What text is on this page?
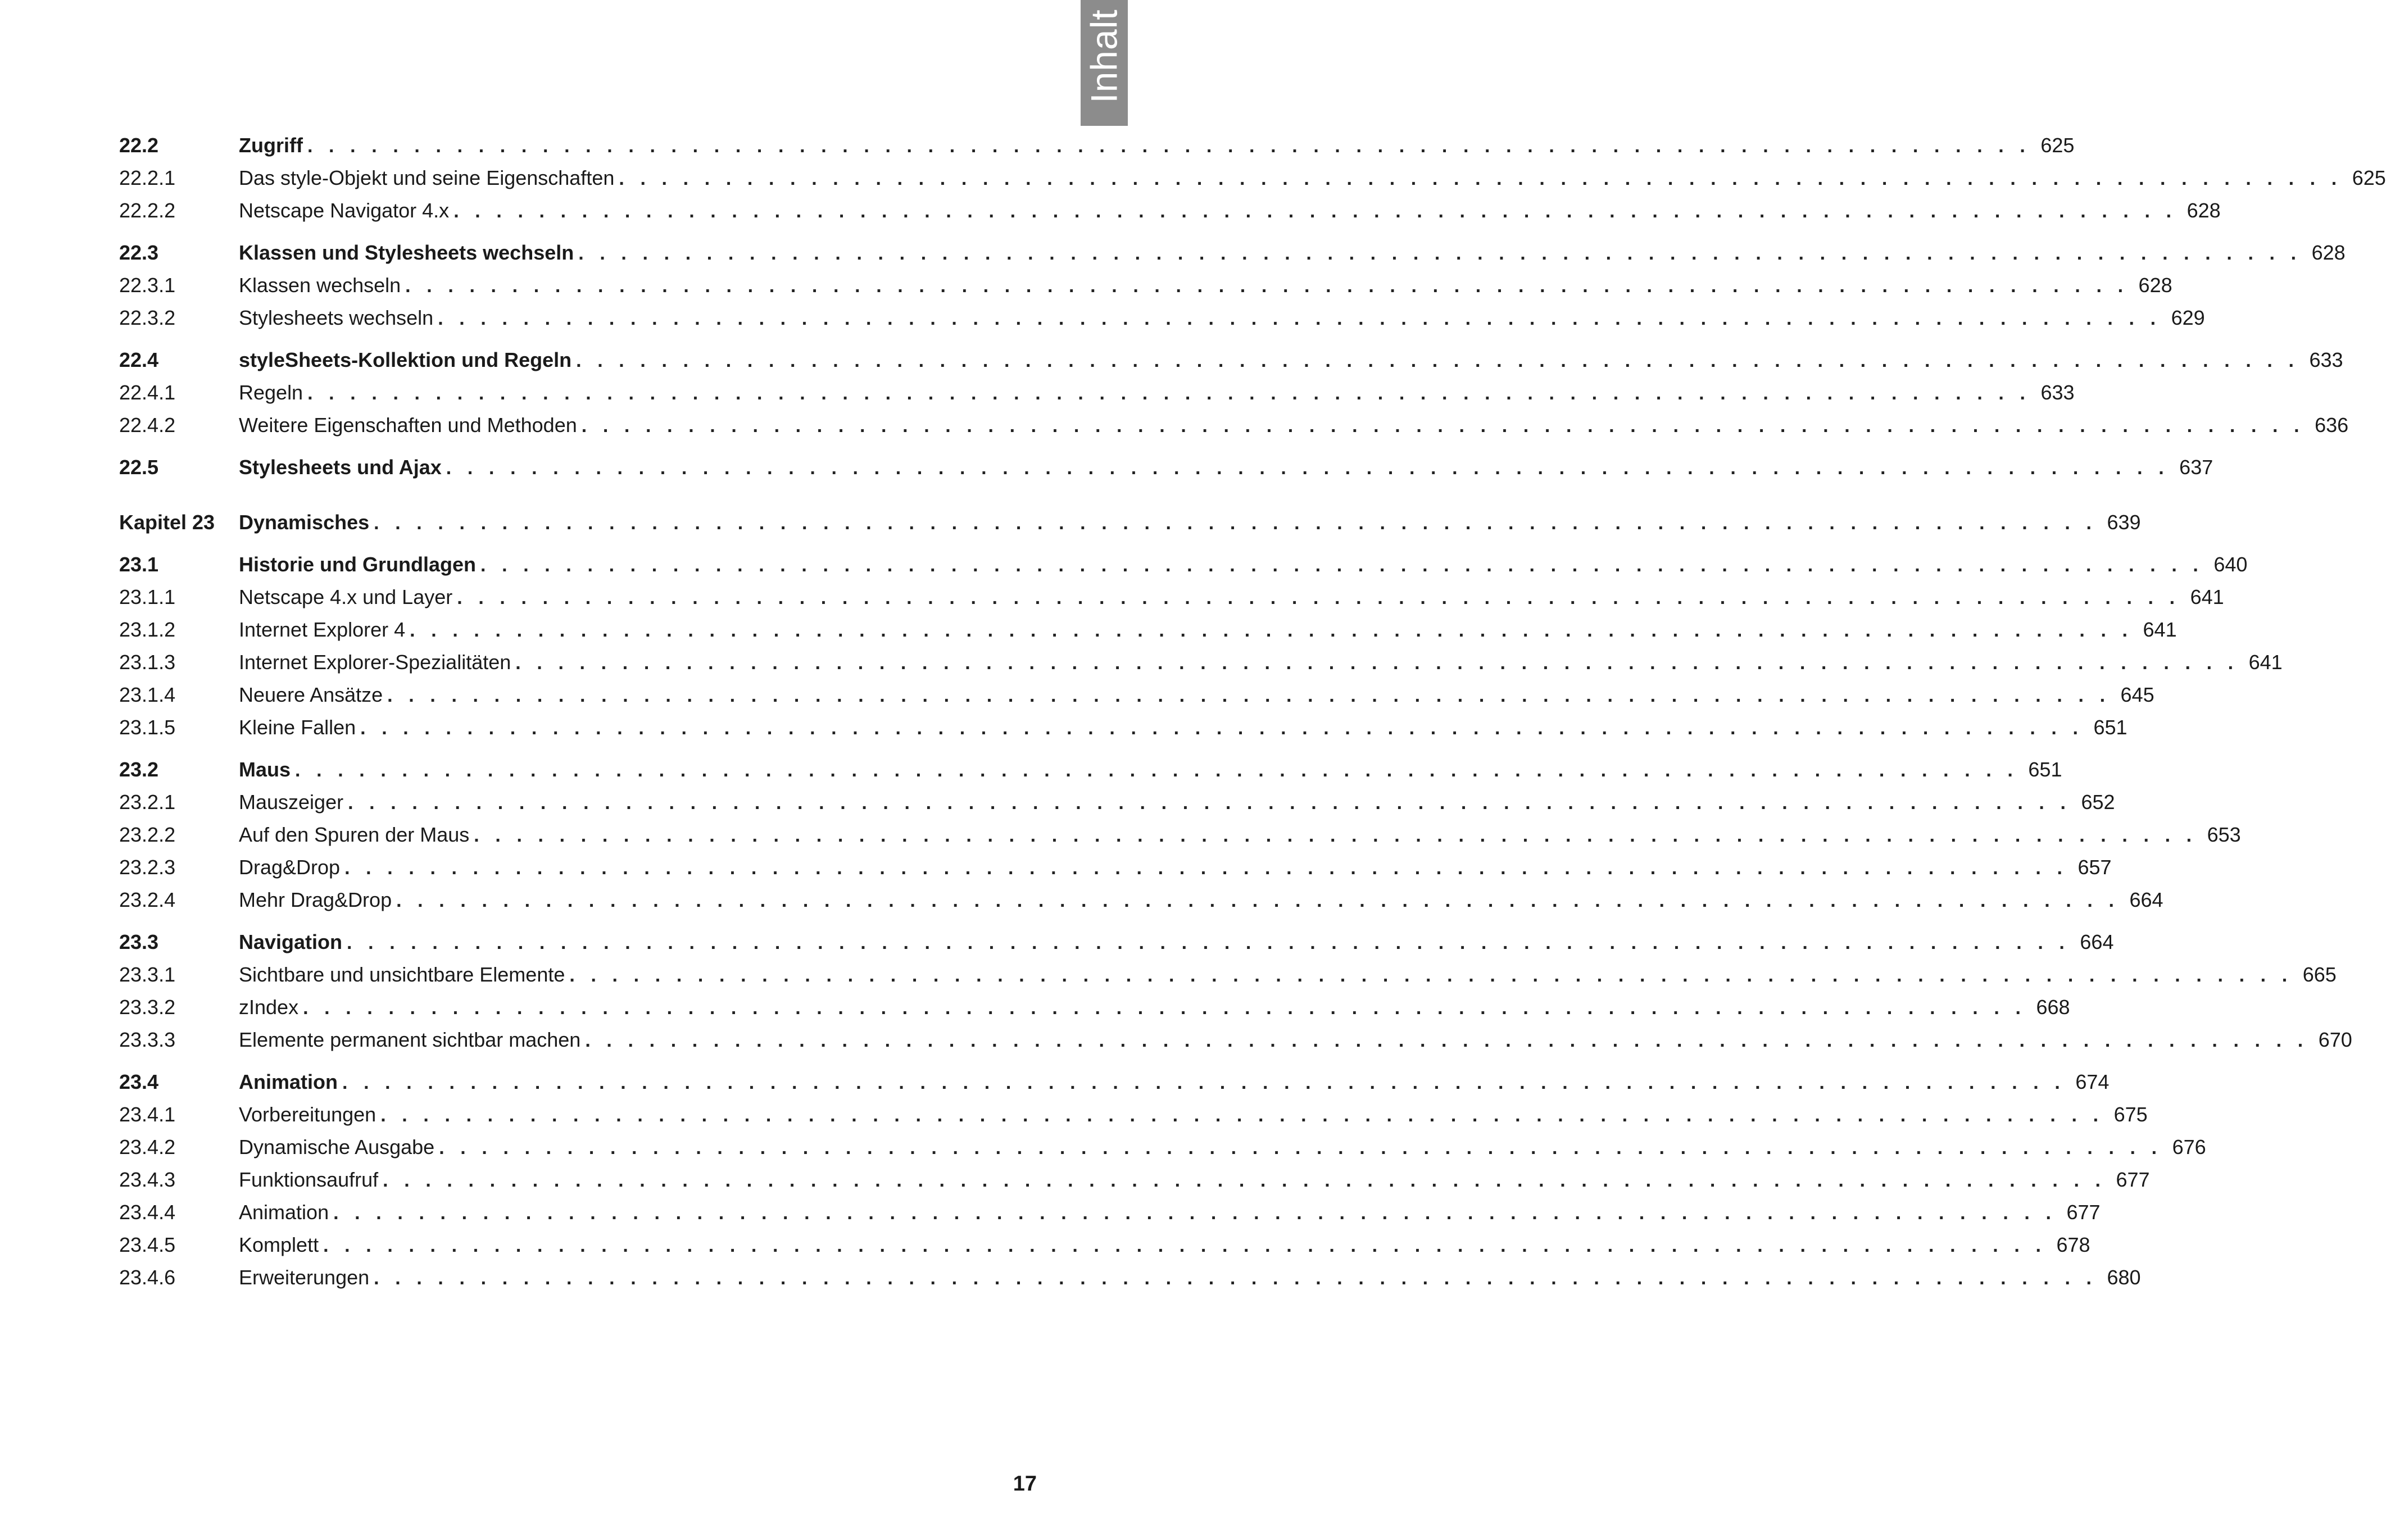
Inhalt
22.2	Zugriff . . . . . . . . . . . . . . . . . . . . . . . . . . . . . . . . . . . . . . . . . . . . . . . . . . . . . . . . . . . . . . . . . . . . . . . . . . . . . . . . . 625
22.2.1	Das style-Objekt und seine Eigenschaften . . . . . . . . . . . . . . . . . . . . . . . . . . . . . . . . . . . . . . . . . . . . . . . . . . . . . . . . . . . . . . . . . . . . . . . . . . . . . . . . . 625
22.2.2	Netscape Navigator 4.x . . . . . . . . . . . . . . . . . . . . . . . . . . . . . . . . . . . . . . . . . . . . . . . . . . . . . . . . . . . . . . . . . . . . . . . . . . . . . . . . . 628
22.3	Klassen und Stylesheets wechseln . . . . . . . . . . . . . . . . . . . . . . . . . . . . . . . . . . . . . . . . . . . . . . . . . . . . . . . . . . . . . . . . . . . . . . . . . . . . . . . . . 628
22.3.1	Klassen wechseln . . . . . . . . . . . . . . . . . . . . . . . . . . . . . . . . . . . . . . . . . . . . . . . . . . . . . . . . . . . . . . . . . . . . . . . . . . . . . . . . . 628
22.3.2	Stylesheets wechseln . . . . . . . . . . . . . . . . . . . . . . . . . . . . . . . . . . . . . . . . . . . . . . . . . . . . . . . . . . . . . . . . . . . . . . . . . . . . . . . . . 629
22.4	styleSheets-Kollektion und Regeln . . . . . . . . . . . . . . . . . . . . . . . . . . . . . . . . . . . . . . . . . . . . . . . . . . . . . . . . . . . . . . . . . . . . . . . . . . . . . . . . . 633
22.4.1	Regeln . . . . . . . . . . . . . . . . . . . . . . . . . . . . . . . . . . . . . . . . . . . . . . . . . . . . . . . . . . . . . . . . . . . . . . . . . . . . . . . . . 633
22.4.2	Weitere Eigenschaften und Methoden . . . . . . . . . . . . . . . . . . . . . . . . . . . . . . . . . . . . . . . . . . . . . . . . . . . . . . . . . . . . . . . . . . . . . . . . . . . . . . . . . 636
22.5	Stylesheets und Ajax . . . . . . . . . . . . . . . . . . . . . . . . . . . . . . . . . . . . . . . . . . . . . . . . . . . . . . . . . . . . . . . . . . . . . . . . . . . . . . . . . 637
Kapitel 23	Dynamisches . . . . . . . . . . . . . . . . . . . . . . . . . . . . . . . . . . . . . . . . . . . . . . . . . . . . . . . . . . . . . . . . . . . . . . . . . . . . . . . . . 639
23.1	Historie und Grundlagen . . . . . . . . . . . . . . . . . . . . . . . . . . . . . . . . . . . . . . . . . . . . . . . . . . . . . . . . . . . . . . . . . . . . . . . . . . . . . . . . . 640
23.1.1	Netscape 4.x und Layer . . . . . . . . . . . . . . . . . . . . . . . . . . . . . . . . . . . . . . . . . . . . . . . . . . . . . . . . . . . . . . . . . . . . . . . . . . . . . . . . . 641
23.1.2	Internet Explorer 4 . . . . . . . . . . . . . . . . . . . . . . . . . . . . . . . . . . . . . . . . . . . . . . . . . . . . . . . . . . . . . . . . . . . . . . . . . . . . . . . . . 641
23.1.3	Internet Explorer-Spezialitäten . . . . . . . . . . . . . . . . . . . . . . . . . . . . . . . . . . . . . . . . . . . . . . . . . . . . . . . . . . . . . . . . . . . . . . . . . . . . . . . . . 641
23.1.4	Neuere Ansätze . . . . . . . . . . . . . . . . . . . . . . . . . . . . . . . . . . . . . . . . . . . . . . . . . . . . . . . . . . . . . . . . . . . . . . . . . . . . . . . . . 645
23.1.5	Kleine Fallen . . . . . . . . . . . . . . . . . . . . . . . . . . . . . . . . . . . . . . . . . . . . . . . . . . . . . . . . . . . . . . . . . . . . . . . . . . . . . . . . . 651
23.2	Maus . . . . . . . . . . . . . . . . . . . . . . . . . . . . . . . . . . . . . . . . . . . . . . . . . . . . . . . . . . . . . . . . . . . . . . . . . . . . . . . . . 651
23.2.1	Mauszeiger . . . . . . . . . . . . . . . . . . . . . . . . . . . . . . . . . . . . . . . . . . . . . . . . . . . . . . . . . . . . . . . . . . . . . . . . . . . . . . . . . 652
23.2.2	Auf den Spuren der Maus . . . . . . . . . . . . . . . . . . . . . . . . . . . . . . . . . . . . . . . . . . . . . . . . . . . . . . . . . . . . . . . . . . . . . . . . . . . . . . . . . 653
23.2.3	Drag&Drop . . . . . . . . . . . . . . . . . . . . . . . . . . . . . . . . . . . . . . . . . . . . . . . . . . . . . . . . . . . . . . . . . . . . . . . . . . . . . . . . . 657
23.2.4	Mehr Drag&Drop . . . . . . . . . . . . . . . . . . . . . . . . . . . . . . . . . . . . . . . . . . . . . . . . . . . . . . . . . . . . . . . . . . . . . . . . . . . . . . . . . 664
23.3	Navigation . . . . . . . . . . . . . . . . . . . . . . . . . . . . . . . . . . . . . . . . . . . . . . . . . . . . . . . . . . . . . . . . . . . . . . . . . . . . . . . . . 664
23.3.1	Sichtbare und unsichtbare Elemente . . . . . . . . . . . . . . . . . . . . . . . . . . . . . . . . . . . . . . . . . . . . . . . . . . . . . . . . . . . . . . . . . . . . . . . . . . . . . . . . . 665
23.3.2	zIndex . . . . . . . . . . . . . . . . . . . . . . . . . . . . . . . . . . . . . . . . . . . . . . . . . . . . . . . . . . . . . . . . . . . . . . . . . . . . . . . . . 668
23.3.3	Elemente permanent sichtbar machen . . . . . . . . . . . . . . . . . . . . . . . . . . . . . . . . . . . . . . . . . . . . . . . . . . . . . . . . . . . . . . . . . . . . . . . . . . . . . . . . . 670
23.4	Animation . . . . . . . . . . . . . . . . . . . . . . . . . . . . . . . . . . . . . . . . . . . . . . . . . . . . . . . . . . . . . . . . . . . . . . . . . . . . . . . . . 674
23.4.1	Vorbereitungen . . . . . . . . . . . . . . . . . . . . . . . . . . . . . . . . . . . . . . . . . . . . . . . . . . . . . . . . . . . . . . . . . . . . . . . . . . . . . . . . . 675
23.4.2	Dynamische Ausgabe . . . . . . . . . . . . . . . . . . . . . . . . . . . . . . . . . . . . . . . . . . . . . . . . . . . . . . . . . . . . . . . . . . . . . . . . . . . . . . . . . 676
23.4.3	Funktionsaufruf . . . . . . . . . . . . . . . . . . . . . . . . . . . . . . . . . . . . . . . . . . . . . . . . . . . . . . . . . . . . . . . . . . . . . . . . . . . . . . . . . 677
23.4.4	Animation . . . . . . . . . . . . . . . . . . . . . . . . . . . . . . . . . . . . . . . . . . . . . . . . . . . . . . . . . . . . . . . . . . . . . . . . . . . . . . . . . 677
23.4.5	Komplett . . . . . . . . . . . . . . . . . . . . . . . . . . . . . . . . . . . . . . . . . . . . . . . . . . . . . . . . . . . . . . . . . . . . . . . . . . . . . . . . . 678
23.4.6	Erweiterungen . . . . . . . . . . . . . . . . . . . . . . . . . . . . . . . . . . . . . . . . . . . . . . . . . . . . . . . . . . . . . . . . . . . . . . . . . . . . . . . . . 680
17
